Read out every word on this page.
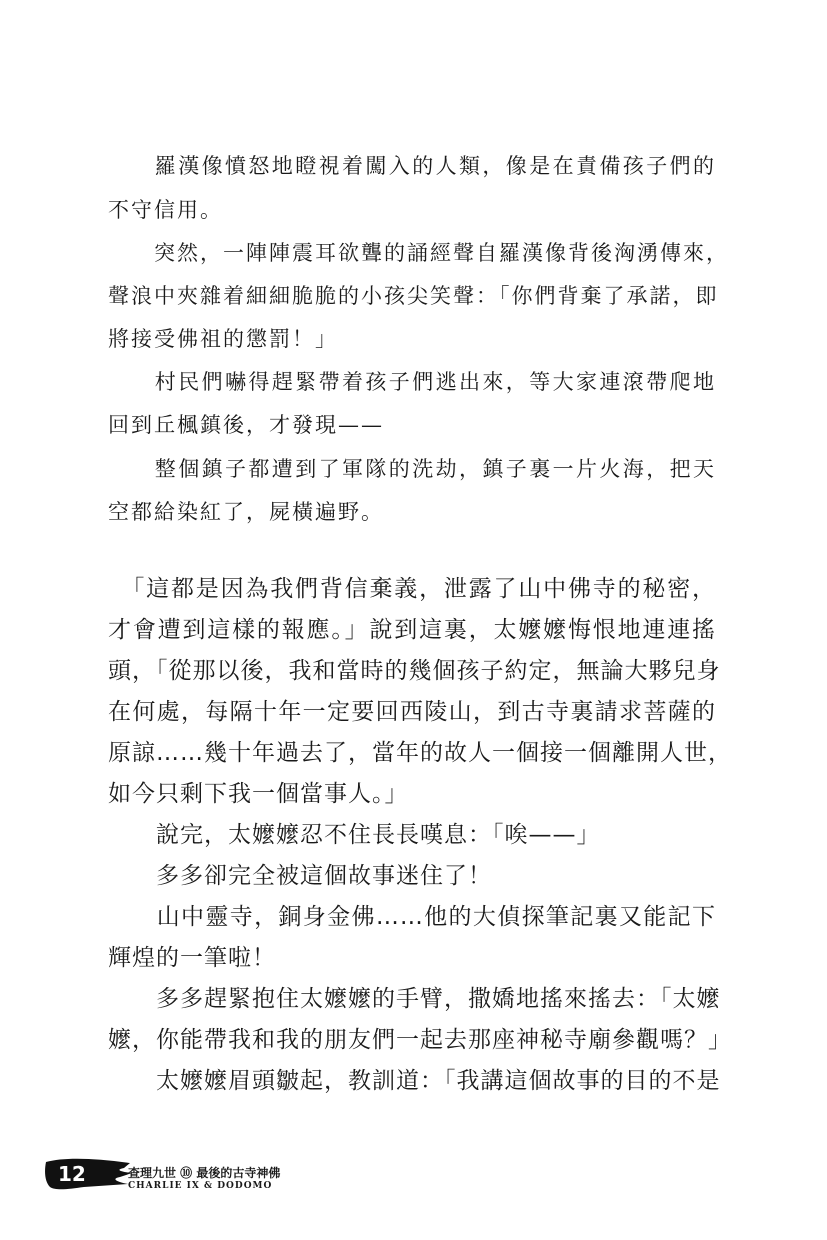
　　羅漢像憤怒地瞪視着闖入的人類，像是在責備孩子們的
不守信用。
　　突然，一陣陣震耳欲聾的誦經聲自羅漢像背後洶湧傳來，
聲浪中夾雜着細細脆脆的小孩尖笑聲：「你們背棄了承諾，即
將接受佛祖的懲罰！」
　　村民們嚇得趕緊帶着孩子們逃出來，等大家連滾帶爬地
回到丘楓鎮後，才發現——
　　整個鎮子都遭到了軍隊的洗劫，鎮子裏一片火海，把天
空都給染紅了，屍橫遍野。
　「這都是因為我們背信棄義，泄露了山中佛寺的秘密，
才會遭到這樣的報應。」說到這裏，太嬤嬤悔恨地連連搖
頭，「從那以後，我和當時的幾個孩子約定，無論大夥兒身
在何處，每隔十年一定要回西陵山，到古寺裏請求菩薩的
原諒……幾十年過去了，當年的故人一個接一個離開人世，
如今只剩下我一個當事人。」
　　說完，太嬤嬤忍不住長長嘆息：「唉——」
　　多多卻完全被這個故事迷住了！
　　山中靈寺，銅身金佛……他的大偵探筆記裏又能記下
輝煌的一筆啦！
　　多多趕緊抱住太嬤嬤的手臂，撒嬌地搖來搖去：「太嬤
嬤，你能帶我和我的朋友們一起去那座神秘寺廟參觀嗎？」
　　太嬤嬤眉頭皺起，教訓道：「我講這個故事的目的不是
12	查理九世 ⑩ 最後的古寺神佛
CHARLIE IX & DODOMO
